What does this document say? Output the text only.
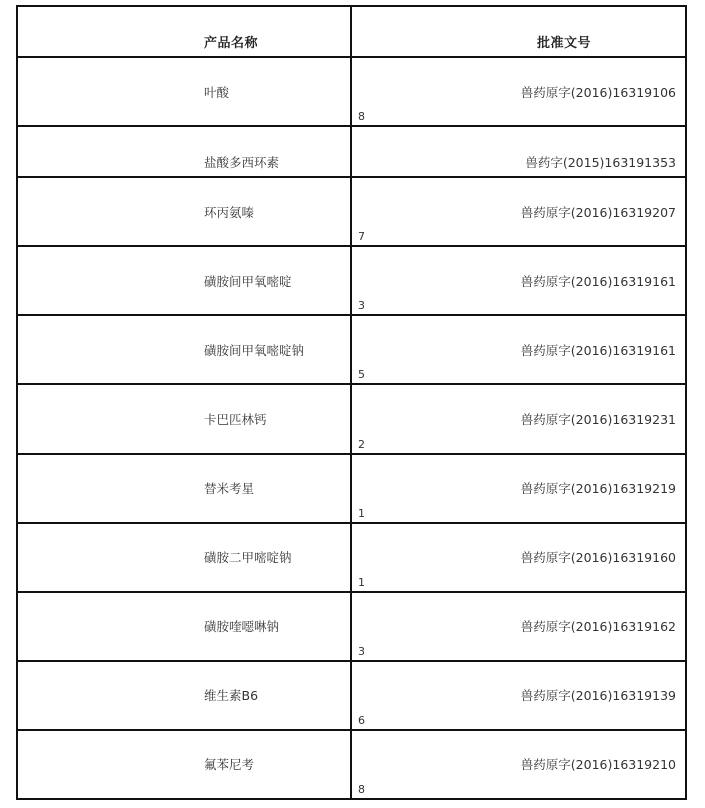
产品名称	批准文号

叶酸	兽药原字(2016)16319106
8

盐酸多西环素	兽药字(2015)163191353

环丙氨嗪	兽药原字(2016)16319207
7

磺胺间甲氧嘧啶	兽药原字(2016)16319161
3

磺胺间甲氧嘧啶钠	兽药原字(2016)16319161
5

卡巴匹林钙	兽药原字(2016)16319231
2

替米考星	兽药原字(2016)16319219
1

磺胺二甲嘧啶钠	兽药原字(2016)16319160
1

磺胺喹噁啉钠	兽药原字(2016)16319162
3

维生素B6	兽药原字(2016)16319139
6

氟苯尼考	兽药原字(2016)16319210
8
